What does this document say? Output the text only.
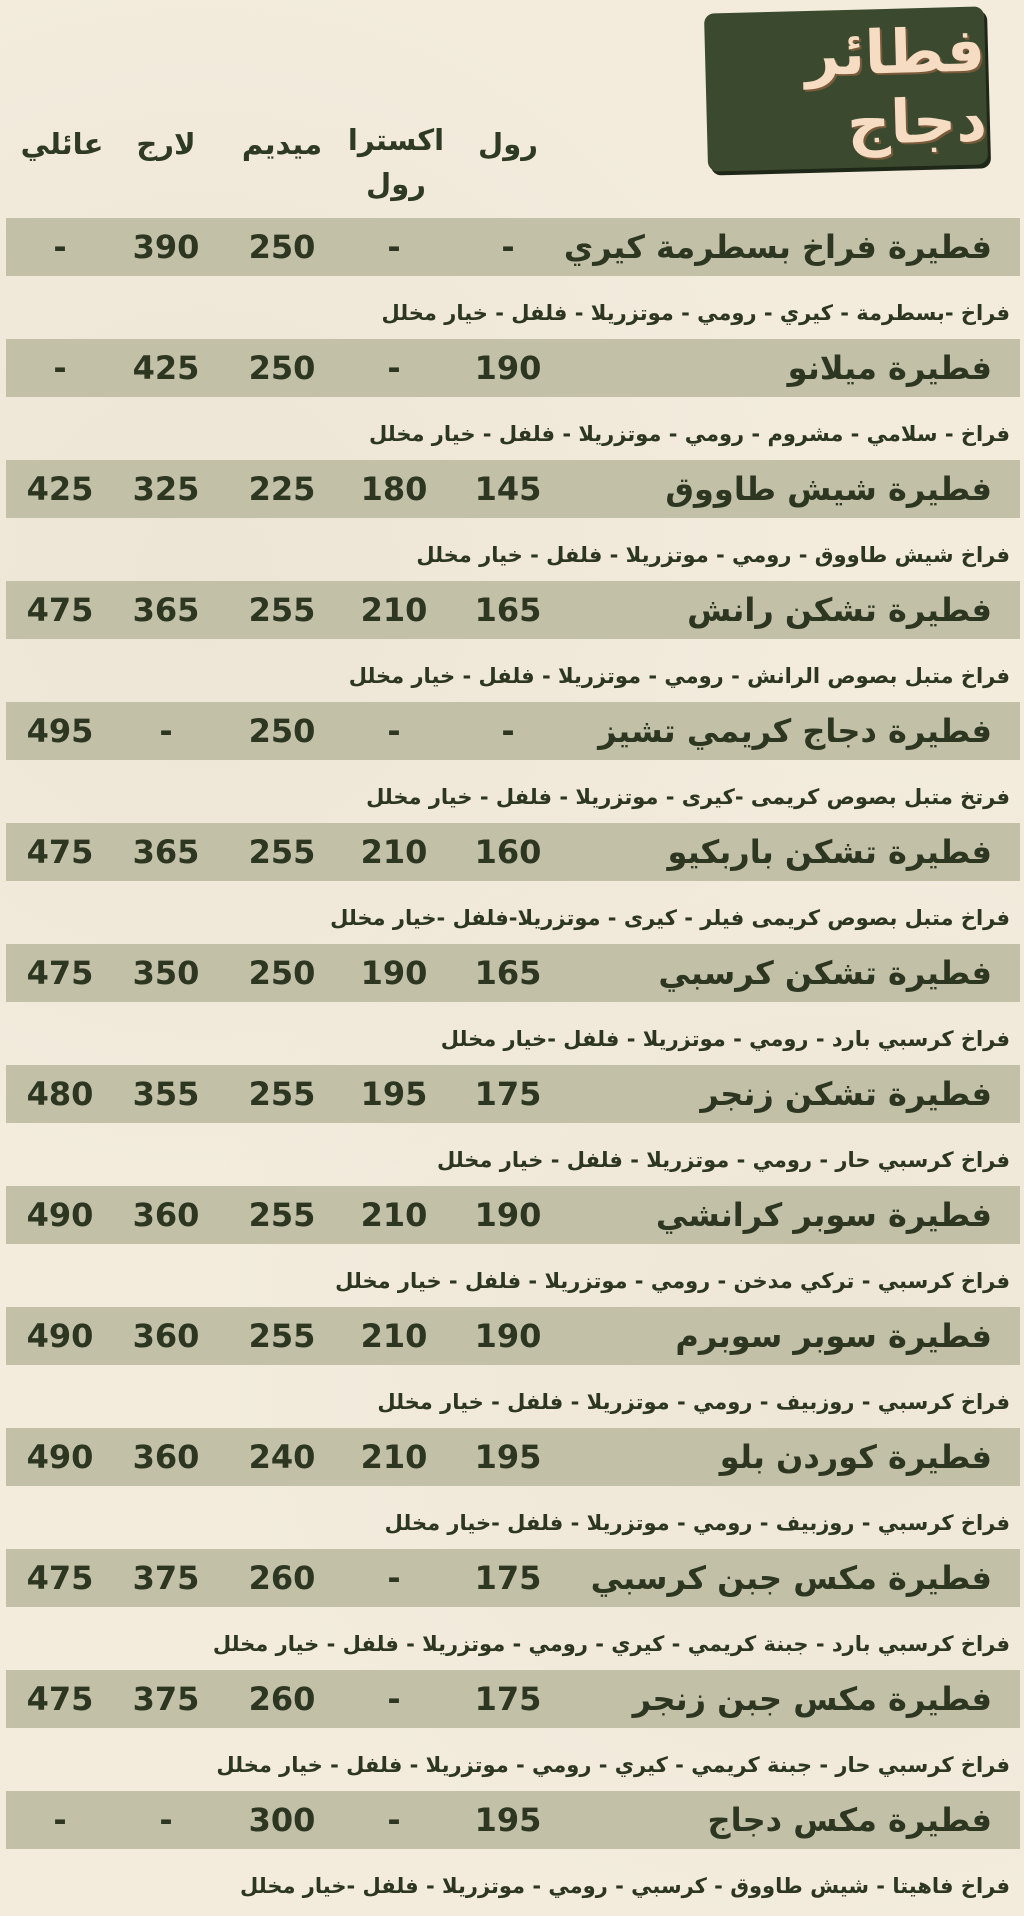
فطائر دجاج
رول
اكسترا
رول
ميديم
لارج
عائلي
فطيرة فراخ بسطرمة كيري
-
-
250
390
-
فراخ -بسطرمة - كيري - رومي - موتزريلا - فلفل - خيار مخلل
فطيرة ميلانو
190
-
250
425
-
فراخ - سلامي - مشروم - رومي - موتزريلا - فلفل - خيار مخلل
فطيرة شيش طاووق
145
180
225
325
425
فراخ شيش طاووق - رومي - موتزريلا - فلفل - خيار مخلل
فطيرة تشكن رانش
165
210
255
365
475
فراخ متبل بصوص الرانش - رومي - موتزريلا - فلفل - خيار مخلل
فطيرة دجاج كريمي تشيز
-
-
250
-
495
فرتخ متبل بصوص كريمى -كيرى - موتزريلا - فلفل - خيار مخلل
فطيرة تشكن باربكيو
160
210
255
365
475
فراخ متبل بصوص كريمى فيلر - كيرى - موتزريلا-فلفل -خيار مخلل
فطيرة تشكن كرسبي
165
190
250
350
475
فراخ كرسبي بارد - رومي - موتزريلا - فلفل -خيار مخلل
فطيرة تشكن زنجر
175
195
255
355
480
فراخ كرسبي حار - رومي - موتزريلا - فلفل - خيار مخلل
فطيرة سوبر كرانشي
190
210
255
360
490
فراخ كرسبي - تركي مدخن - رومي - موتزريلا - فلفل - خيار مخلل
فطيرة سوبر سوبرم
190
210
255
360
490
فراخ كرسبي - روزبيف - رومي - موتزريلا - فلفل - خيار مخلل
فطيرة كوردن بلو
195
210
240
360
490
فراخ كرسبي - روزبيف - رومي - موتزريلا - فلفل -خيار مخلل
فطيرة مكس جبن كرسبي
175
-
260
375
475
فراخ كرسبي بارد - جبنة كريمي - كيري - رومي - موتزريلا - فلفل - خيار مخلل
فطيرة مكس جبن زنجر
175
-
260
375
475
فراخ كرسبي حار - جبنة كريمي - كيري - رومي - موتزريلا - فلفل - خيار مخلل
فطيرة مكس دجاج
195
-
300
-
-
فراخ فاهيتا - شيش طاووق - كرسبي - رومي - موتزريلا - فلفل -خيار مخلل
